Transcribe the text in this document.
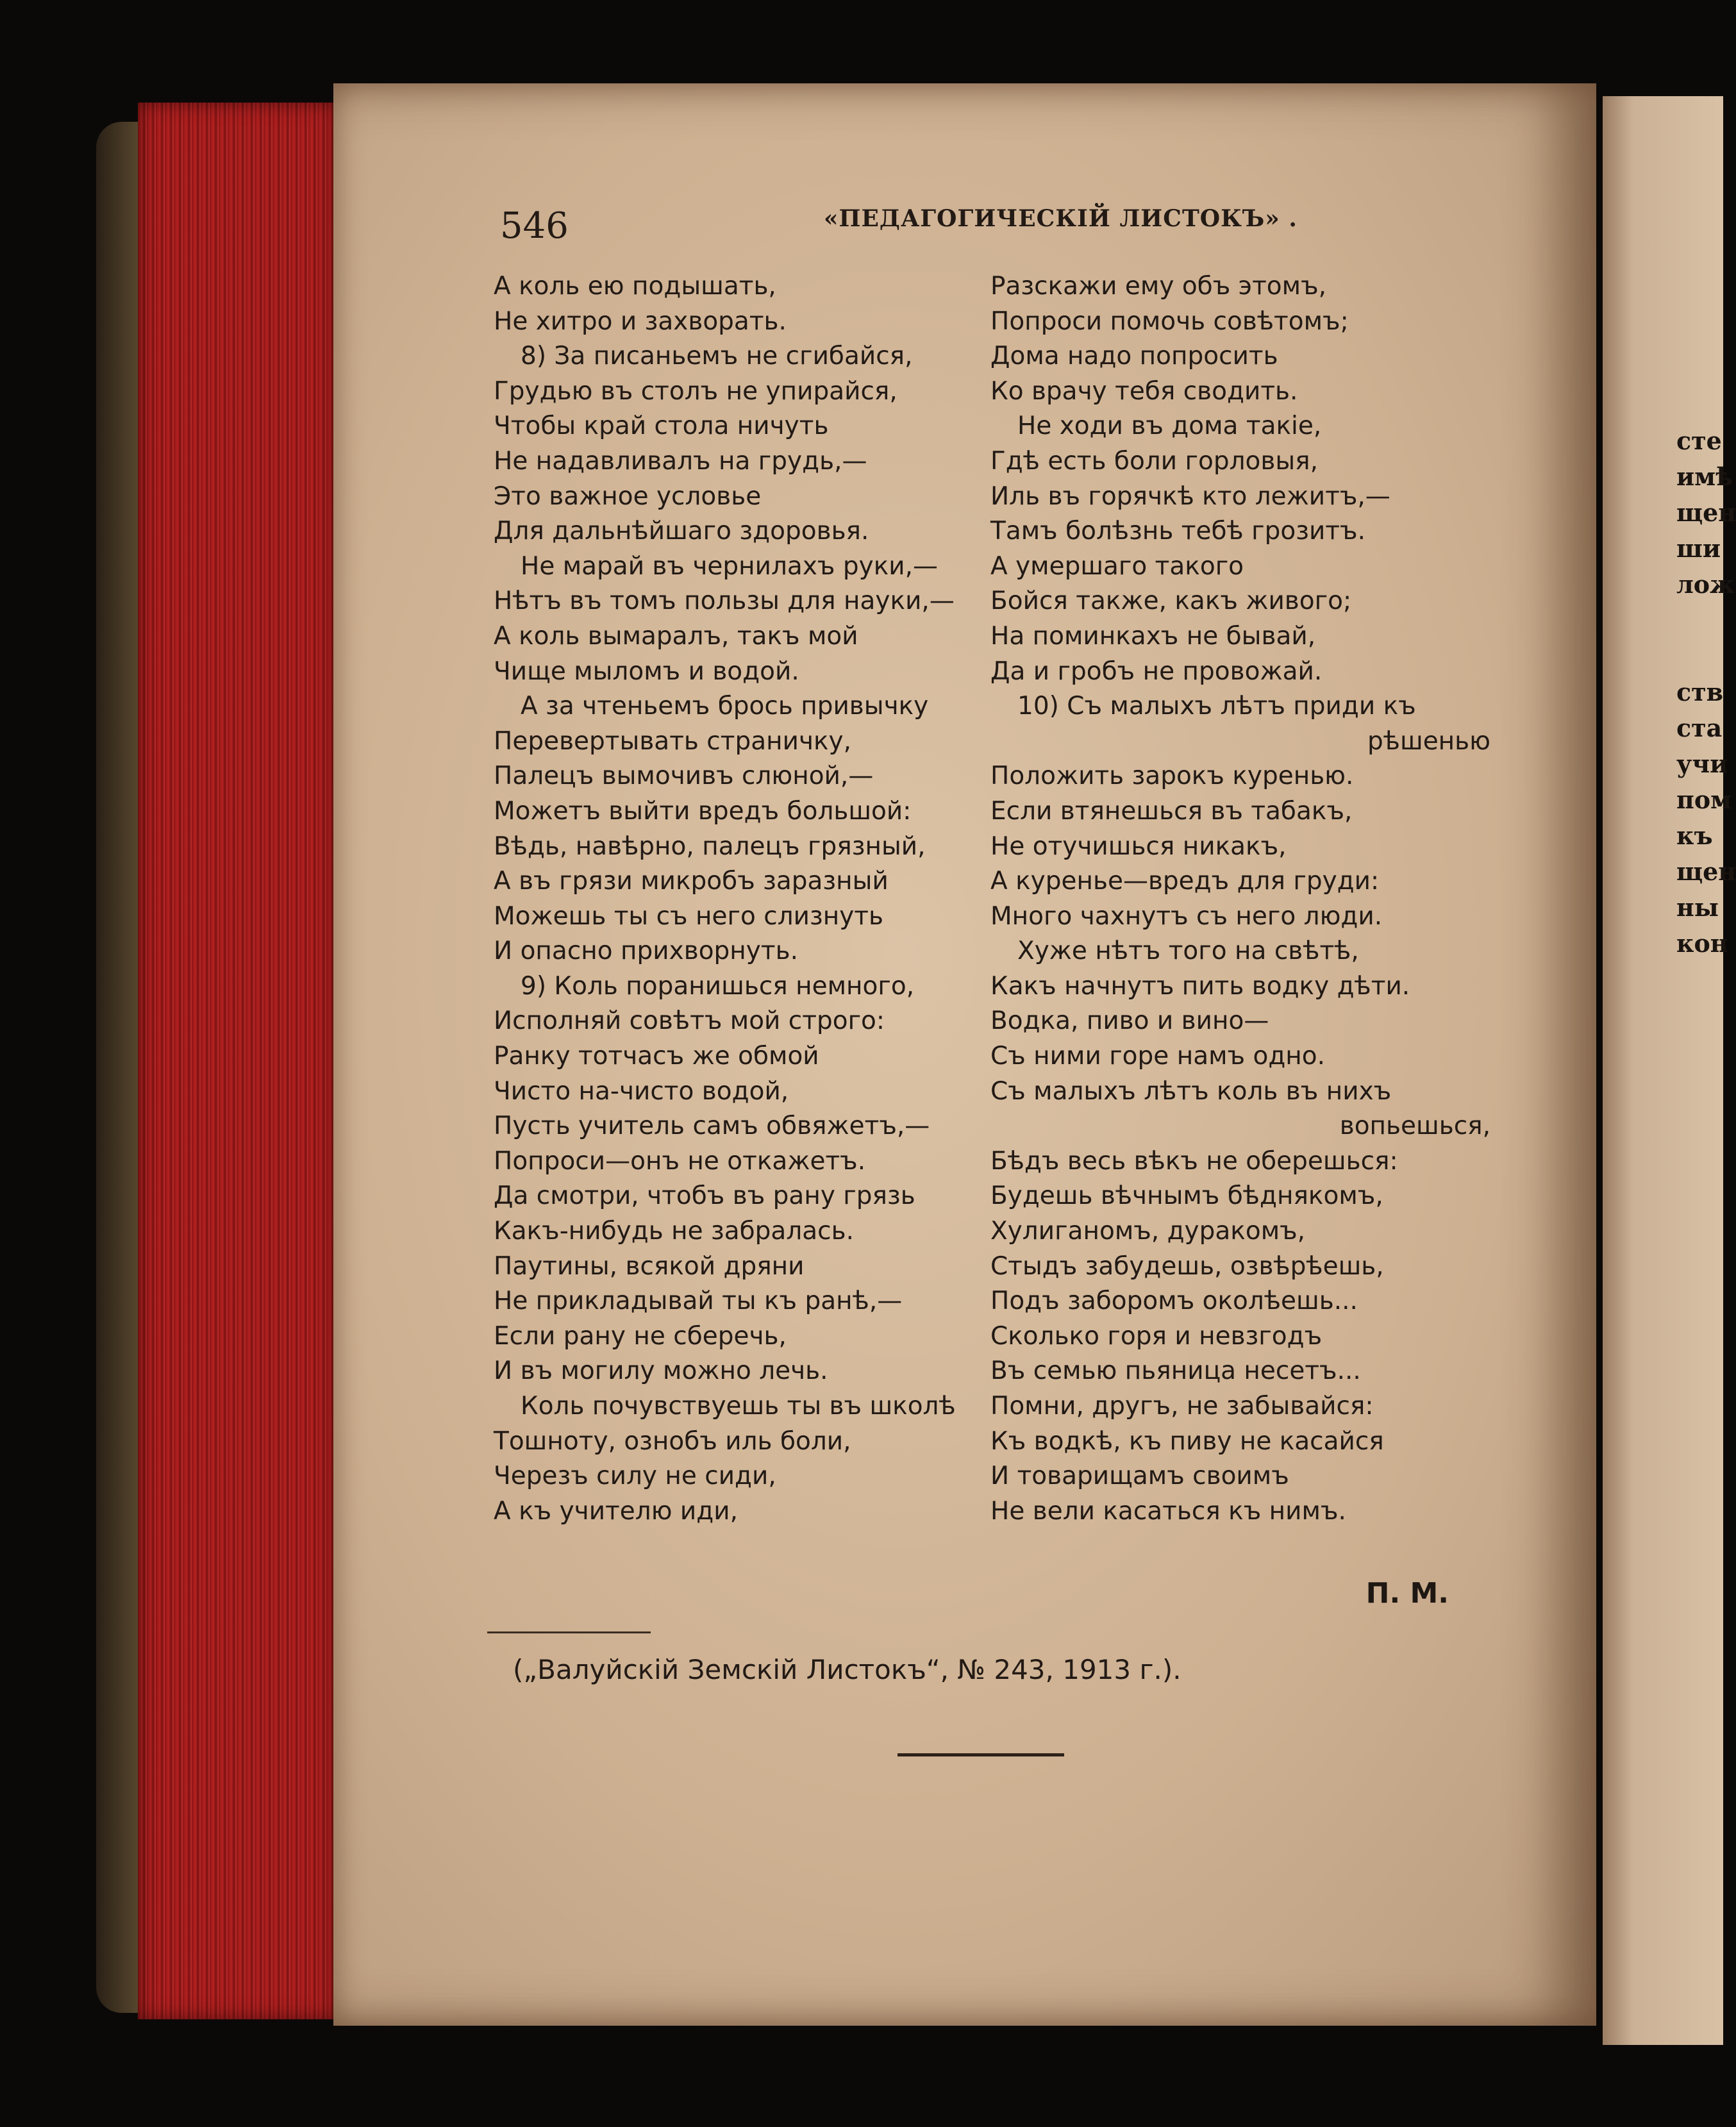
546	«ПЕДАГОГИЧЕСКІЙ ЛИСТОКЪ» .
А коль ею подышать,
Не хитро и захворать.
8) За писаньемъ не сгибайся,
Грудью въ столъ не упирайся,
Чтобы край стола ничуть
Не надавливалъ на грудь,—
Это важное условье
Для дальнѣйшаго здоровья.
Не марай въ чернилахъ руки,—
Нѣтъ въ томъ пользы для науки,—
А коль вымаралъ, такъ мой
Чище мыломъ и водой.
А за чтеньемъ брось привычку
Перевертывать страничку,
Палецъ вымочивъ слюной,—
Можетъ выйти вредъ большой:
Вѣдь, навѣрно, палецъ грязный,
А въ грязи микробъ заразный
Можешь ты съ него слизнуть
И опасно прихворнуть.
9) Коль поранишься немного,
Исполняй совѣтъ мой строго:
Ранку тотчасъ же обмой
Чисто на-чисто водой,
Пусть учитель самъ обвяжетъ,—
Попроси—онъ не откажетъ.
Да смотри, чтобъ въ рану грязь
Какъ-нибудь не забралась.
Паутины, всякой дряни
Не прикладывай ты къ ранѣ,—
Если рану не сберечь,
И въ могилу можно лечь.
Коль почувствуешь ты въ школѣ
Тошноту, ознобъ иль боли,
Черезъ силу не сиди,
А къ учителю иди,
Разскажи ему объ этомъ,
Попроси помочь совѣтомъ;
Дома надо попросить
Ко врачу тебя сводить.
Не ходи въ дома такіе,
Гдѣ есть боли горловыя,
Иль въ горячкѣ кто лежитъ,—
Тамъ болѣзнь тебѣ грозитъ.
А умершаго такого
Бойся также, какъ живого;
На поминкахъ не бывай,
Да и гробъ не провожай.
10) Съ малыхъ лѣтъ приди къ
рѣшенью
Положить зарокъ куренью.
Если втянешься въ табакъ,
Не отучишься никакъ,
А куренье—вредъ для груди:
Много чахнутъ съ него люди.
Хуже нѣтъ того на свѣтѣ,
Какъ начнутъ пить водку дѣти.
Водка, пиво и вино—
Съ ними горе намъ одно.
Съ малыхъ лѣтъ коль въ нихъ
вопьешься,
Бѣдъ весь вѣкъ не оберешься:
Будешь вѣчнымъ бѣднякомъ,
Хулиганомъ, дуракомъ,
Стыдъ забудешь, озвѣрѣешь,
Подъ заборомъ околѣешь...
Сколько горя и невзгодъ
Въ семью пьяница несетъ...
Помни, другъ, не забывайся:
Къ водкѣ, къ пиву не касайся
И товарищамъ своимъ
Не вели касаться къ нимъ.
П. М.
(„Валуйскій Земскій Листокъ“, № 243, 1913 г.).
сте
имѣ
щен
ши
лож
ств
ста
учи
пом
къ
щен
ны
кон
